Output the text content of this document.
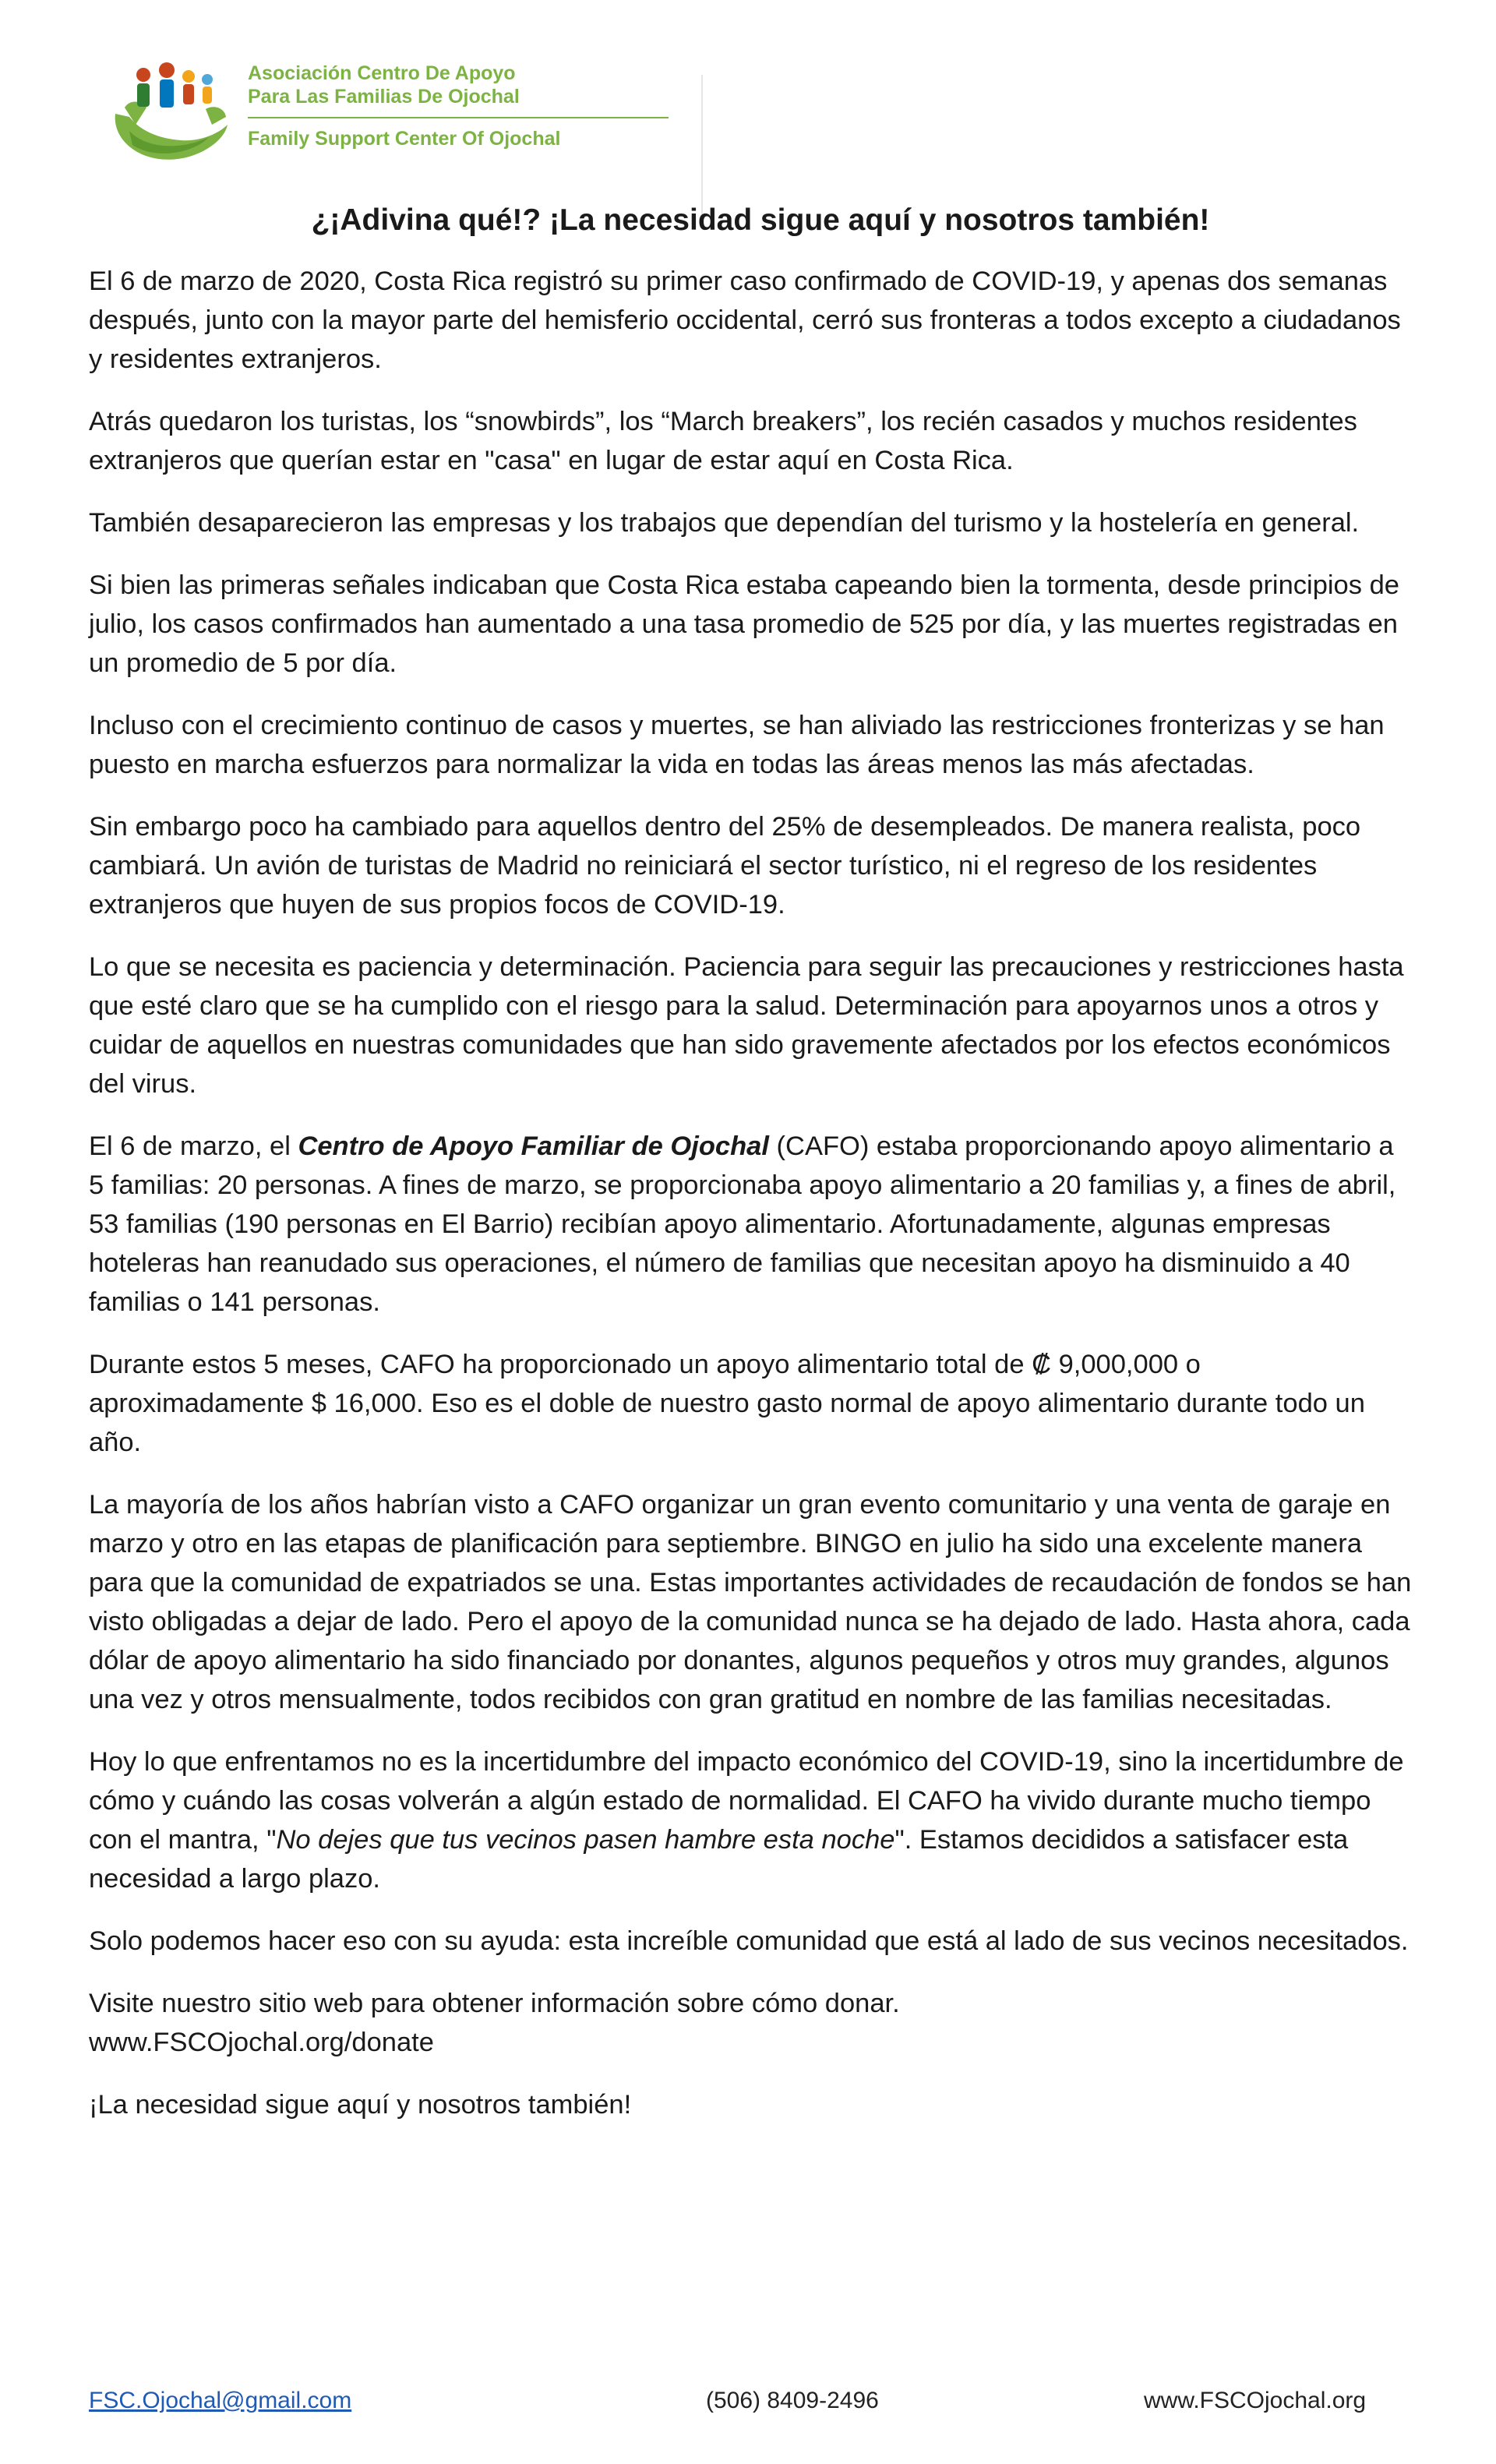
Asociación Centro De Apoyo
Para Las Familias De Ojochal
Family Support Center Of Ojochal
¿¡Adivina qué!? ¡La necesidad sigue aquí y nosotros también!

El 6 de marzo de 2020, Costa Rica registró su primer caso confirmado de COVID-19, y apenas dos semanas después, junto con la mayor parte del hemisferio occidental, cerró sus fronteras a todos excepto a ciudadanos y residentes extranjeros.

Atrás quedaron los turistas, los “snowbirds”, los “March breakers”, los recién casados y muchos residentes extranjeros que querían estar en "casa" en lugar de estar aquí en Costa Rica.

También desaparecieron las empresas y los trabajos que dependían del turismo y la hostelería en general.

Si bien las primeras señales indicaban que Costa Rica estaba capeando bien la tormenta, desde principios de julio, los casos confirmados han aumentado a una tasa promedio de 525 por día, y las muertes registradas en un promedio de 5 por día.

Incluso con el crecimiento continuo de casos y muertes, se han aliviado las restricciones fronterizas y se han puesto en marcha esfuerzos para normalizar la vida en todas las áreas menos las más afectadas.

Sin embargo poco ha cambiado para aquellos dentro del 25% de desempleados. De manera realista, poco cambiará. Un avión de turistas de Madrid no reiniciará el sector turístico, ni el regreso de los residentes extranjeros que huyen de sus propios focos de COVID-19.

Lo que se necesita es paciencia y determinación. Paciencia para seguir las precauciones y restricciones hasta que esté claro que se ha cumplido con el riesgo para la salud. Determinación para apoyarnos unos a otros y cuidar de aquellos en nuestras comunidades que han sido gravemente afectados por los efectos económicos del virus.

El 6 de marzo, el Centro de Apoyo Familiar de Ojochal (CAFO) estaba proporcionando apoyo alimentario a 5 familias: 20 personas. A fines de marzo, se proporcionaba apoyo alimentario a 20 familias y, a fines de abril, 53 familias (190 personas en El Barrio) recibían apoyo alimentario. Afortunadamente, algunas empresas hoteleras han reanudado sus operaciones, el número de familias que necesitan apoyo ha disminuido a 40 familias o 141 personas.

Durante estos 5 meses, CAFO ha proporcionado un apoyo alimentario total de ₡ 9,000,000 o aproximadamente $ 16,000. Eso es el doble de nuestro gasto normal de apoyo alimentario durante todo un año.

La mayoría de los años habrían visto a CAFO organizar un gran evento comunitario y una venta de garaje en marzo y otro en las etapas de planificación para septiembre. BINGO en julio ha sido una excelente manera para que la comunidad de expatriados se una. Estas importantes actividades de recaudación de fondos se han visto obligadas a dejar de lado. Pero el apoyo de la comunidad nunca se ha dejado de lado. Hasta ahora, cada dólar de apoyo alimentario ha sido financiado por donantes, algunos pequeños y otros muy grandes, algunos una vez y otros mensualmente, todos recibidos con gran gratitud en nombre de las familias necesitadas.

Hoy lo que enfrentamos no es la incertidumbre del impacto económico del COVID-19, sino la incertidumbre de cómo y cuándo las cosas volverán a algún estado de normalidad. El CAFO ha vivido durante mucho tiempo con el mantra, "No dejes que tus vecinos pasen hambre esta noche". Estamos decididos a satisfacer esta necesidad a largo plazo.

Solo podemos hacer eso con su ayuda: esta increíble comunidad que está al lado de sus vecinos necesitados.

Visite nuestro sitio web para obtener información sobre cómo donar.

www.FSCOjochal.org/donate

¡La necesidad sigue aquí y nosotros también!

FSC.Ojochal@gmail.com	(506) 8409-2496	www.FSCOjochal.org
